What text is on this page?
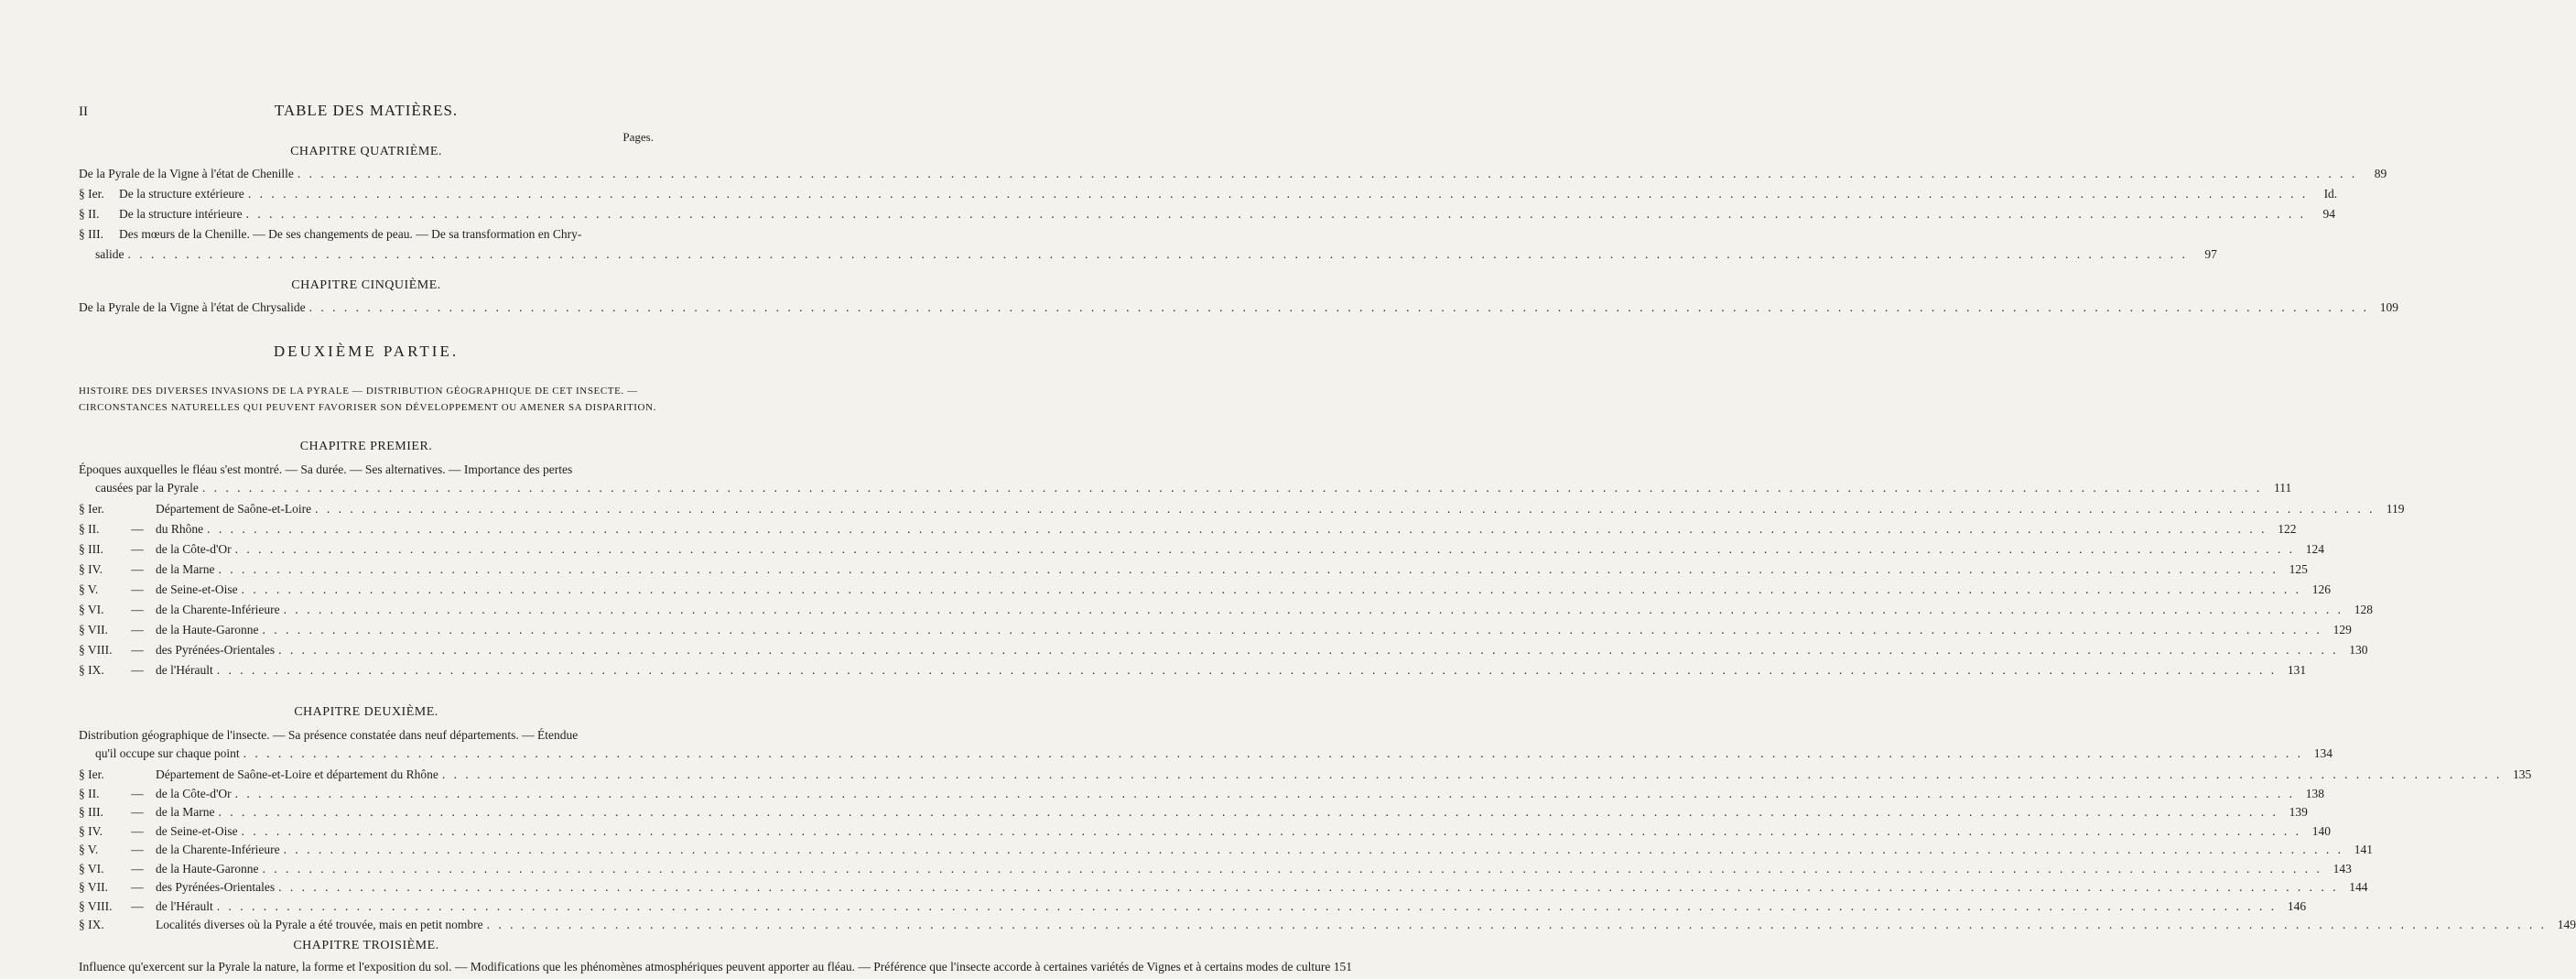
II	TABLE DES MATIÈRES.
Pages.
CHAPITRE QUATRIÈME.
De la Pyrale de la Vigne à l'état de Chenille . . .	89
§ Ier. De la structure extérieure . . .	Id.
§ II. De la structure intérieure . . .	94
§ III. Des mœurs de la Chenille. — De ses changements de peau. — De sa transformation en Chry-
salide . . .	97
CHAPITRE CINQUIÈME.
De la Pyrale de la Vigne à l'état de Chrysalide . . .	109
DEUXIÈME PARTIE.
HISTOIRE DES DIVERSES INVASIONS DE LA PYRALE — DISTRIBUTION GÉOGRAPHIQUE DE CET INSECTE. — CIRCONSTANCES NATURELLES QUI PEUVENT FAVORISER SON DÉVELOPPEMENT OU AMENER SA DISPARITION.
CHAPITRE PREMIER.
Époques auxquelles le fléau s'est montré. — Sa durée. — Ses alternatives. — Importance des pertes
causées par la Pyrale . . .	111
§ Ier.	Département de Saône-et-Loire . . .	119
§ II.	— du Rhône . . .	122
§ III. — de la Côte-d'Or . . .	124
§ IV. — de la Marne . . .	125
§ V.	— de Seine-et-Oise . . .	126
§ VI. — de la Charente-Inférieure . . .	128
§ VII. — de la Haute-Garonne . . .	129
§ VIII. — des Pyrénées-Orientales . . .	130
§ IX. — de l'Hérault . . .	131
CHAPITRE DEUXIÈME.
Distribution géographique de l'insecte. — Sa présence constatée dans neuf départements. — Étendue
qu'il occupe sur chaque point . . .	134
§ Ier.	Département de Saône-et-Loire et département du Rhône . . .	135
§ II.	— de la Côte-d'Or . . .	138
§ III. — de la Marne . . .	139
§ IV. — de Seine-et-Oise . . .	140
§ V.	— de la Charente-Inférieure . . .	141
§ VI. — de la Haute-Garonne . . .	143
§ VII. — des Pyrénées-Orientales . . .	144
§ VIII. — de l'Hérault . . .	146
§ IX.	Localités diverses où la Pyrale a été trouvée, mais en petit nombre . . .	149
CHAPITRE TROISIÈME.
Influence qu'exercent sur la Pyrale la nature, la forme et l'exposition du sol. — Modifications que les phénomènes atmosphériques peuvent apporter au fléau. — Préférence que l'insecte accorde à certaines variétés de Vignes et à certains modes de culture 151
